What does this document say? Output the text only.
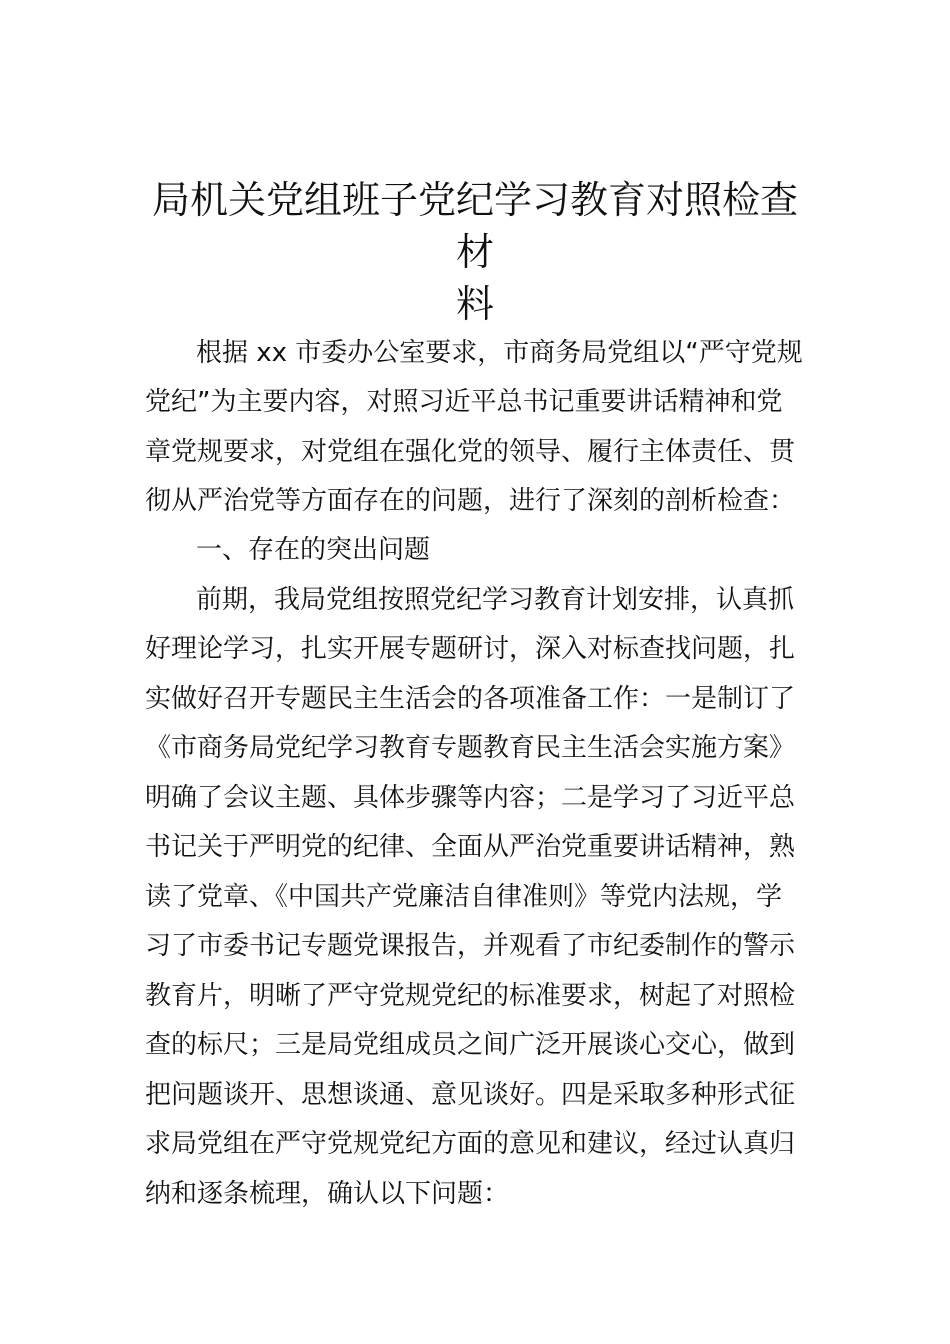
局机关党组班子党纪学习教育对照检查材
料
根据 xx 市委办公室要求，市商务局党组以“严守党规
党纪”为主要内容，对照习近平总书记重要讲话精神和党
章党规要求，对党组在强化党的领导、履行主体责任、贯
彻从严治党等方面存在的问题，进行了深刻的剖析检查：
一、存在的突出问题
前期，我局党组按照党纪学习教育计划安排，认真抓
好理论学习，扎实开展专题研讨，深入对标查找问题，扎
实做好召开专题民主生活会的各项准备工作：一是制订了
《市商务局党纪学习教育专题教育民主生活会实施方案》
明确了会议主题、具体步骤等内容；二是学习了习近平总
书记关于严明党的纪律、全面从严治党重要讲话精神，熟
读了党章、《中国共产党廉洁自律准则》等党内法规，学
习了市委书记专题党课报告，并观看了市纪委制作的警示
教育片，明晰了严守党规党纪的标准要求，树起了对照检
查的标尺；三是局党组成员之间广泛开展谈心交心，做到
把问题谈开、思想谈通、意见谈好。四是采取多种形式征
求局党组在严守党规党纪方面的意见和建议，经过认真归
纳和逐条梳理，确认以下问题：
